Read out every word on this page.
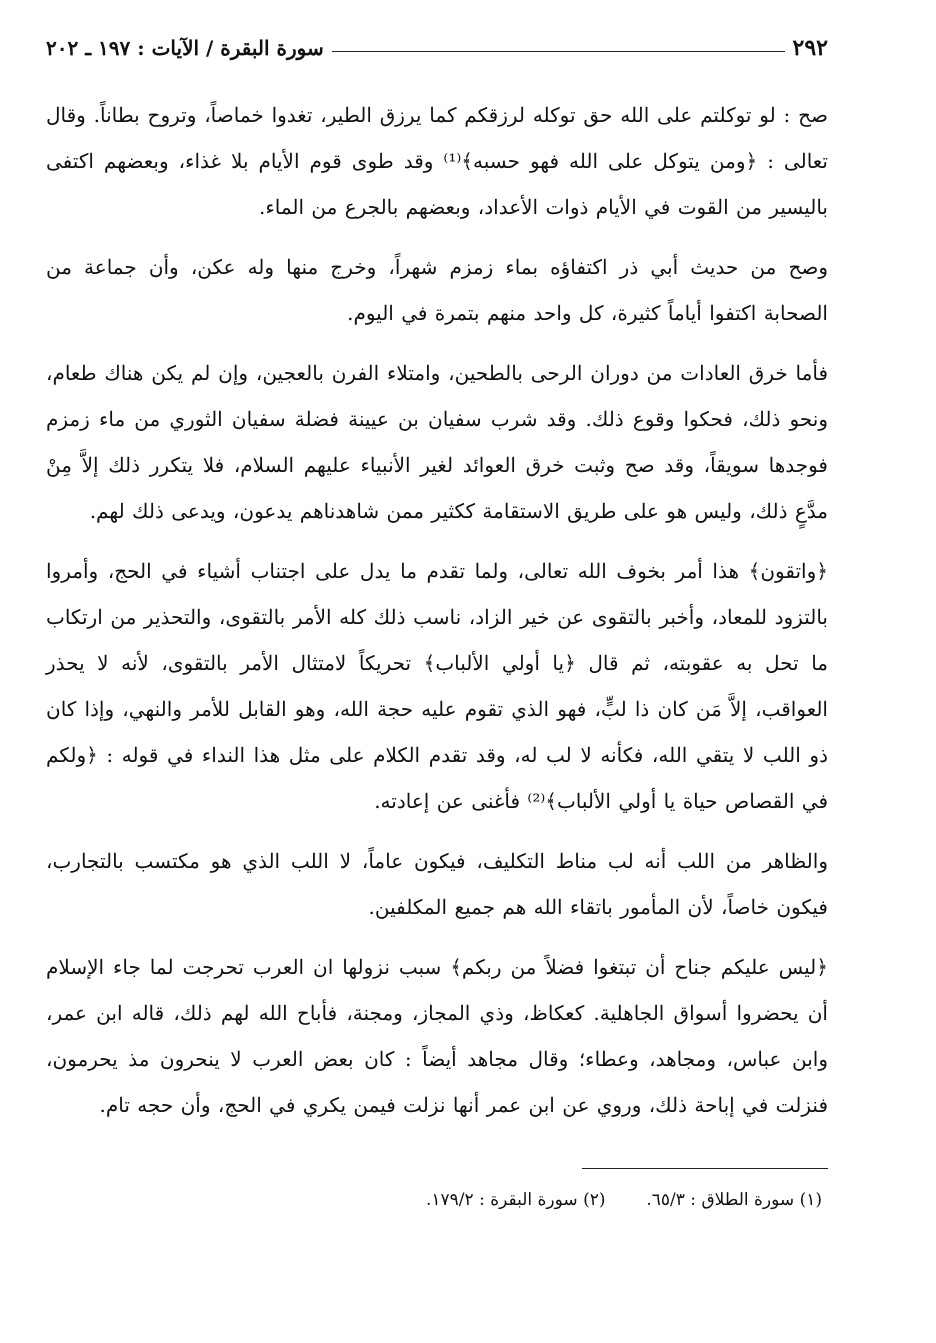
٢٩٢
سورة البقرة / الآيات : ١٩٧ ـ ٢٠٢

صح : لو توكلتم على الله حق توكله لرزقكم كما يرزق الطير، تغدوا خماصاً، وتروح بطاناً. وقال تعالى : ﴿ومن يتوكل على الله فهو حسبه﴾⁽¹⁾ وقد طوى قوم الأيام بلا غذاء، وبعضهم اكتفى باليسير من القوت في الأيام ذوات الأعداد، وبعضهم بالجرع من الماء.

وصح من حديث أبي ذر اكتفاؤه بماء زمزم شهراً، وخرج منها وله عكن، وأن جماعة من الصحابة اكتفوا أياماً كثيرة، كل واحد منهم بتمرة في اليوم.

فأما خرق العادات من دوران الرحى بالطحين، وامتلاء الفرن بالعجين، وإن لم يكن هناك طعام، ونحو ذلك، فحكوا وقوع ذلك. وقد شرب سفيان بن عيينة فضلة سفيان الثوري من ماء زمزم فوجدها سويقاً، وقد صح وثبت خرق العوائد لغير الأنبياء عليهم السلام، فلا يتكرر ذلك إلاَّ مِنْ مدَّعٍ ذلك، وليس هو على طريق الاستقامة ككثير ممن شاهدناهم يدعون، ويدعى ذلك لهم.

﴿واتقون﴾ هذا أمر بخوف الله تعالى، ولما تقدم ما يدل على اجتناب أشياء في الحج، وأمروا بالتزود للمعاد، وأخبر بالتقوى عن خير الزاد، ناسب ذلك كله الأمر بالتقوى، والتحذير من ارتكاب ما تحل به عقوبته، ثم قال ﴿يا أولي الألباب﴾ تحريكاً لامتثال الأمر بالتقوى، لأنه لا يحذر العواقب، إلاَّ مَن كان ذا لبٍّ، فهو الذي تقوم عليه حجة الله، وهو القابل للأمر والنهي، وإذا كان ذو اللب لا يتقي الله، فكأنه لا لب له، وقد تقدم الكلام على مثل هذا النداء في قوله : ﴿ولكم في القصاص حياة يا أولي الألباب﴾⁽²⁾ فأغنى عن إعادته.

والظاهر من اللب أنه لب مناط التكليف، فيكون عاماً، لا اللب الذي هو مكتسب بالتجارب، فيكون خاصاً، لأن المأمور باتقاء الله هم جميع المكلفين.

﴿ليس عليكم جناح أن تبتغوا فضلاً من ربكم﴾ سبب نزولها ان العرب تحرجت لما جاء الإسلام أن يحضروا أسواق الجاهلية. كعكاظ، وذي المجاز، ومجنة، فأباح الله لهم ذلك، قاله ابن عمر، وابن عباس، ومجاهد، وعطاء؛ وقال مجاهد أيضاً : كان بعض العرب لا ينحرون مذ يحرمون، فنزلت في إباحة ذلك، وروي عن ابن عمر أنها نزلت فيمن يكري في الحج، وأن حجه تام.

(١) سورة الطلاق : ٦٥/٣.
(٢) سورة البقرة : ١٧٩/٢.
